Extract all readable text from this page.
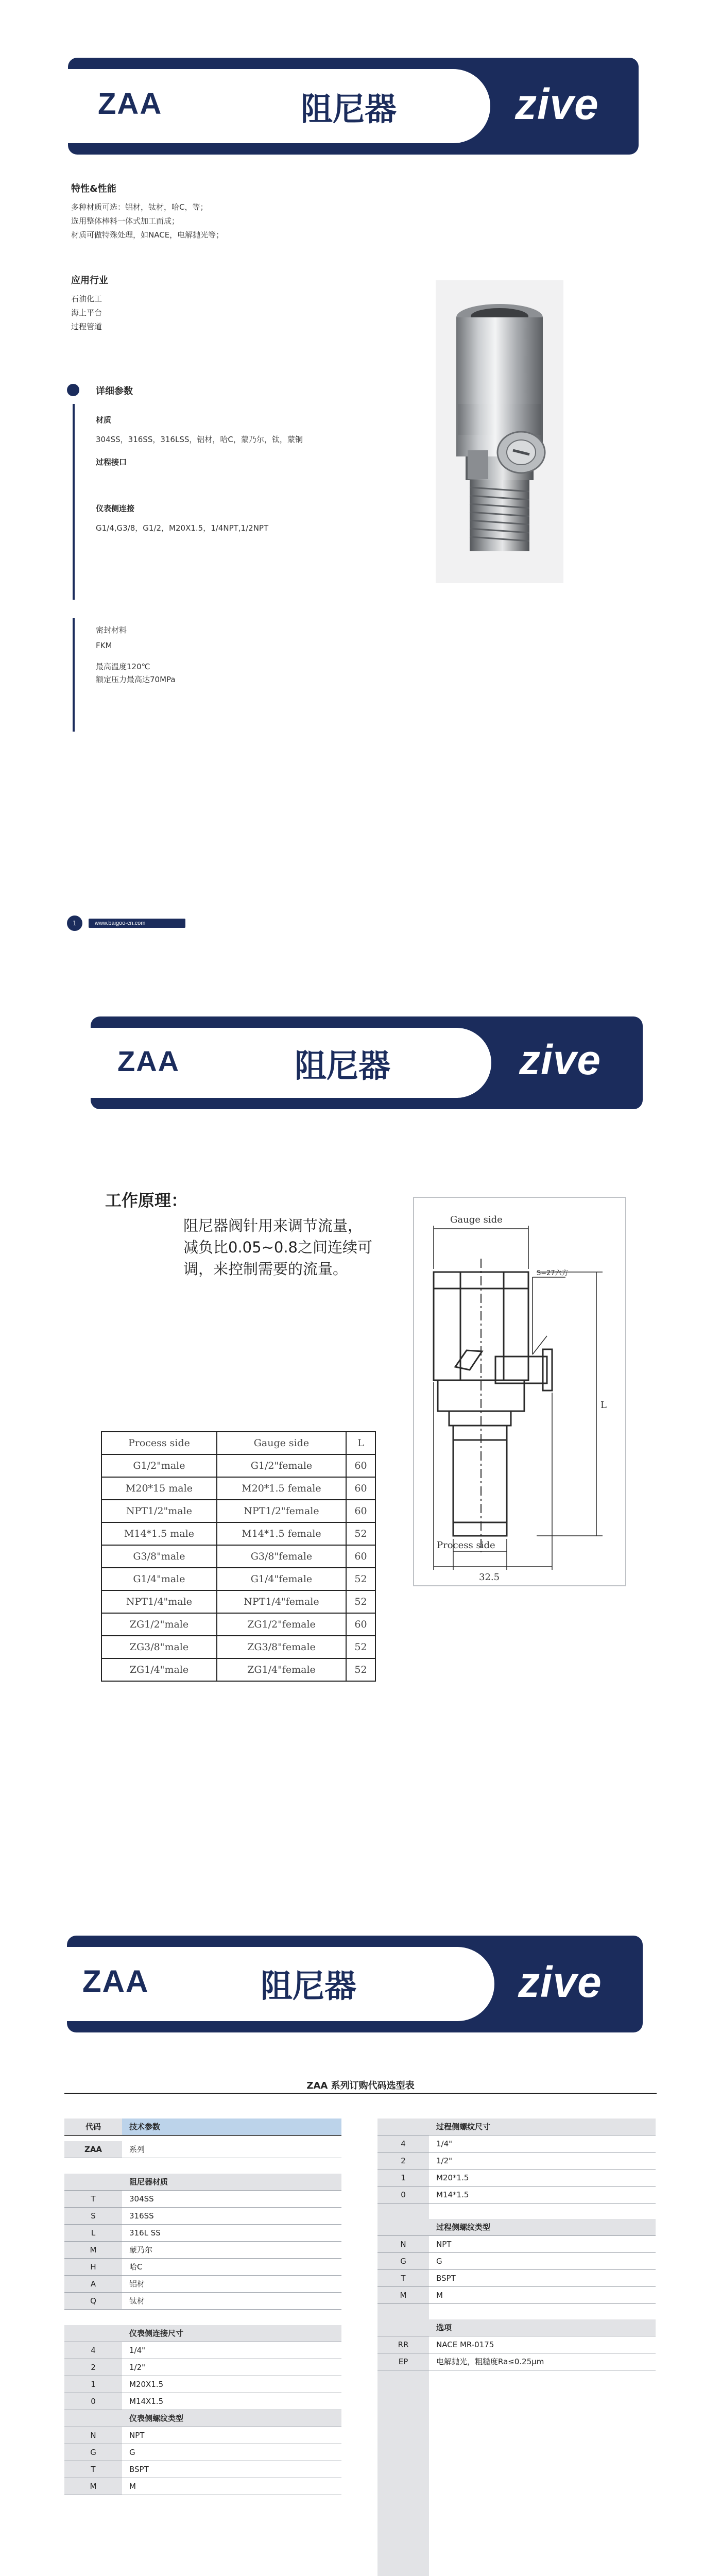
ZAA	阻尼器	zive
特性&性能
多种材质可选：铝材，钛材，哈C，等；
选用整体棒料一体式加工而成；
材质可做特殊处理，如NACE，电解抛光等；
应用行业
石油化工
海上平台
过程管道
详细参数
材质
304SS，316SS，316LSS，铝材，哈C，蒙乃尔，钛，蒙铜
过程接口
仪表侧连接
G1/4,G3/8，G1/2，M20X1.5，1/4NPT,1/2NPT
密封材料
FKM
最高温度120℃
额定压力最高达70MPa
1	www.baigoo-cn.com
ZAA	阻尼器	zive
工作原理：
阻尼器阀针用来调节流量，
减负比0.05~0.8之间连续可
调，来控制需要的流量。
Gauge side
Process side
32.5
S=27六方
L
Process side	Gauge side	L
G1/2"male	G1/2"female	60
M20*15 male	M20*1.5 female	60
NPT1/2"male	NPT1/2"female	60
M14*1.5 male	M14*1.5 female	52
G3/8"male	G3/8"female	60
G1/4"male	G1/4"female	52
NPT1/4"male	NPT1/4"female	52
ZG1/2"male	ZG1/2"female	60
ZG3/8"male	ZG3/8"female	52
ZG1/4"male	ZG1/4"female	52
ZAA	阻尼器	zive
ZAA 系列订购代码选型表
代码	技术参数
ZAA	系列
阻尼器材质
T	304SS
S	316SS
L	316L SS
M	蒙乃尔
H	哈C
A	铝材
Q	钛材
仪表侧连接尺寸
4	1/4"
2	1/2"
1	M20X1.5
0	M14X1.5
仪表侧螺纹类型
N	NPT
G	G
T	BSPT
M	M
过程侧螺纹尺寸
4	1/4"
2	1/2"
1	M20*1.5
0	M14*1.5
过程侧螺纹类型
N	NPT
G	G
T	BSPT
M	M
选项
RR	NACE MR-0175
EP	电解抛光，粗糙度Ra≤0.25μm
